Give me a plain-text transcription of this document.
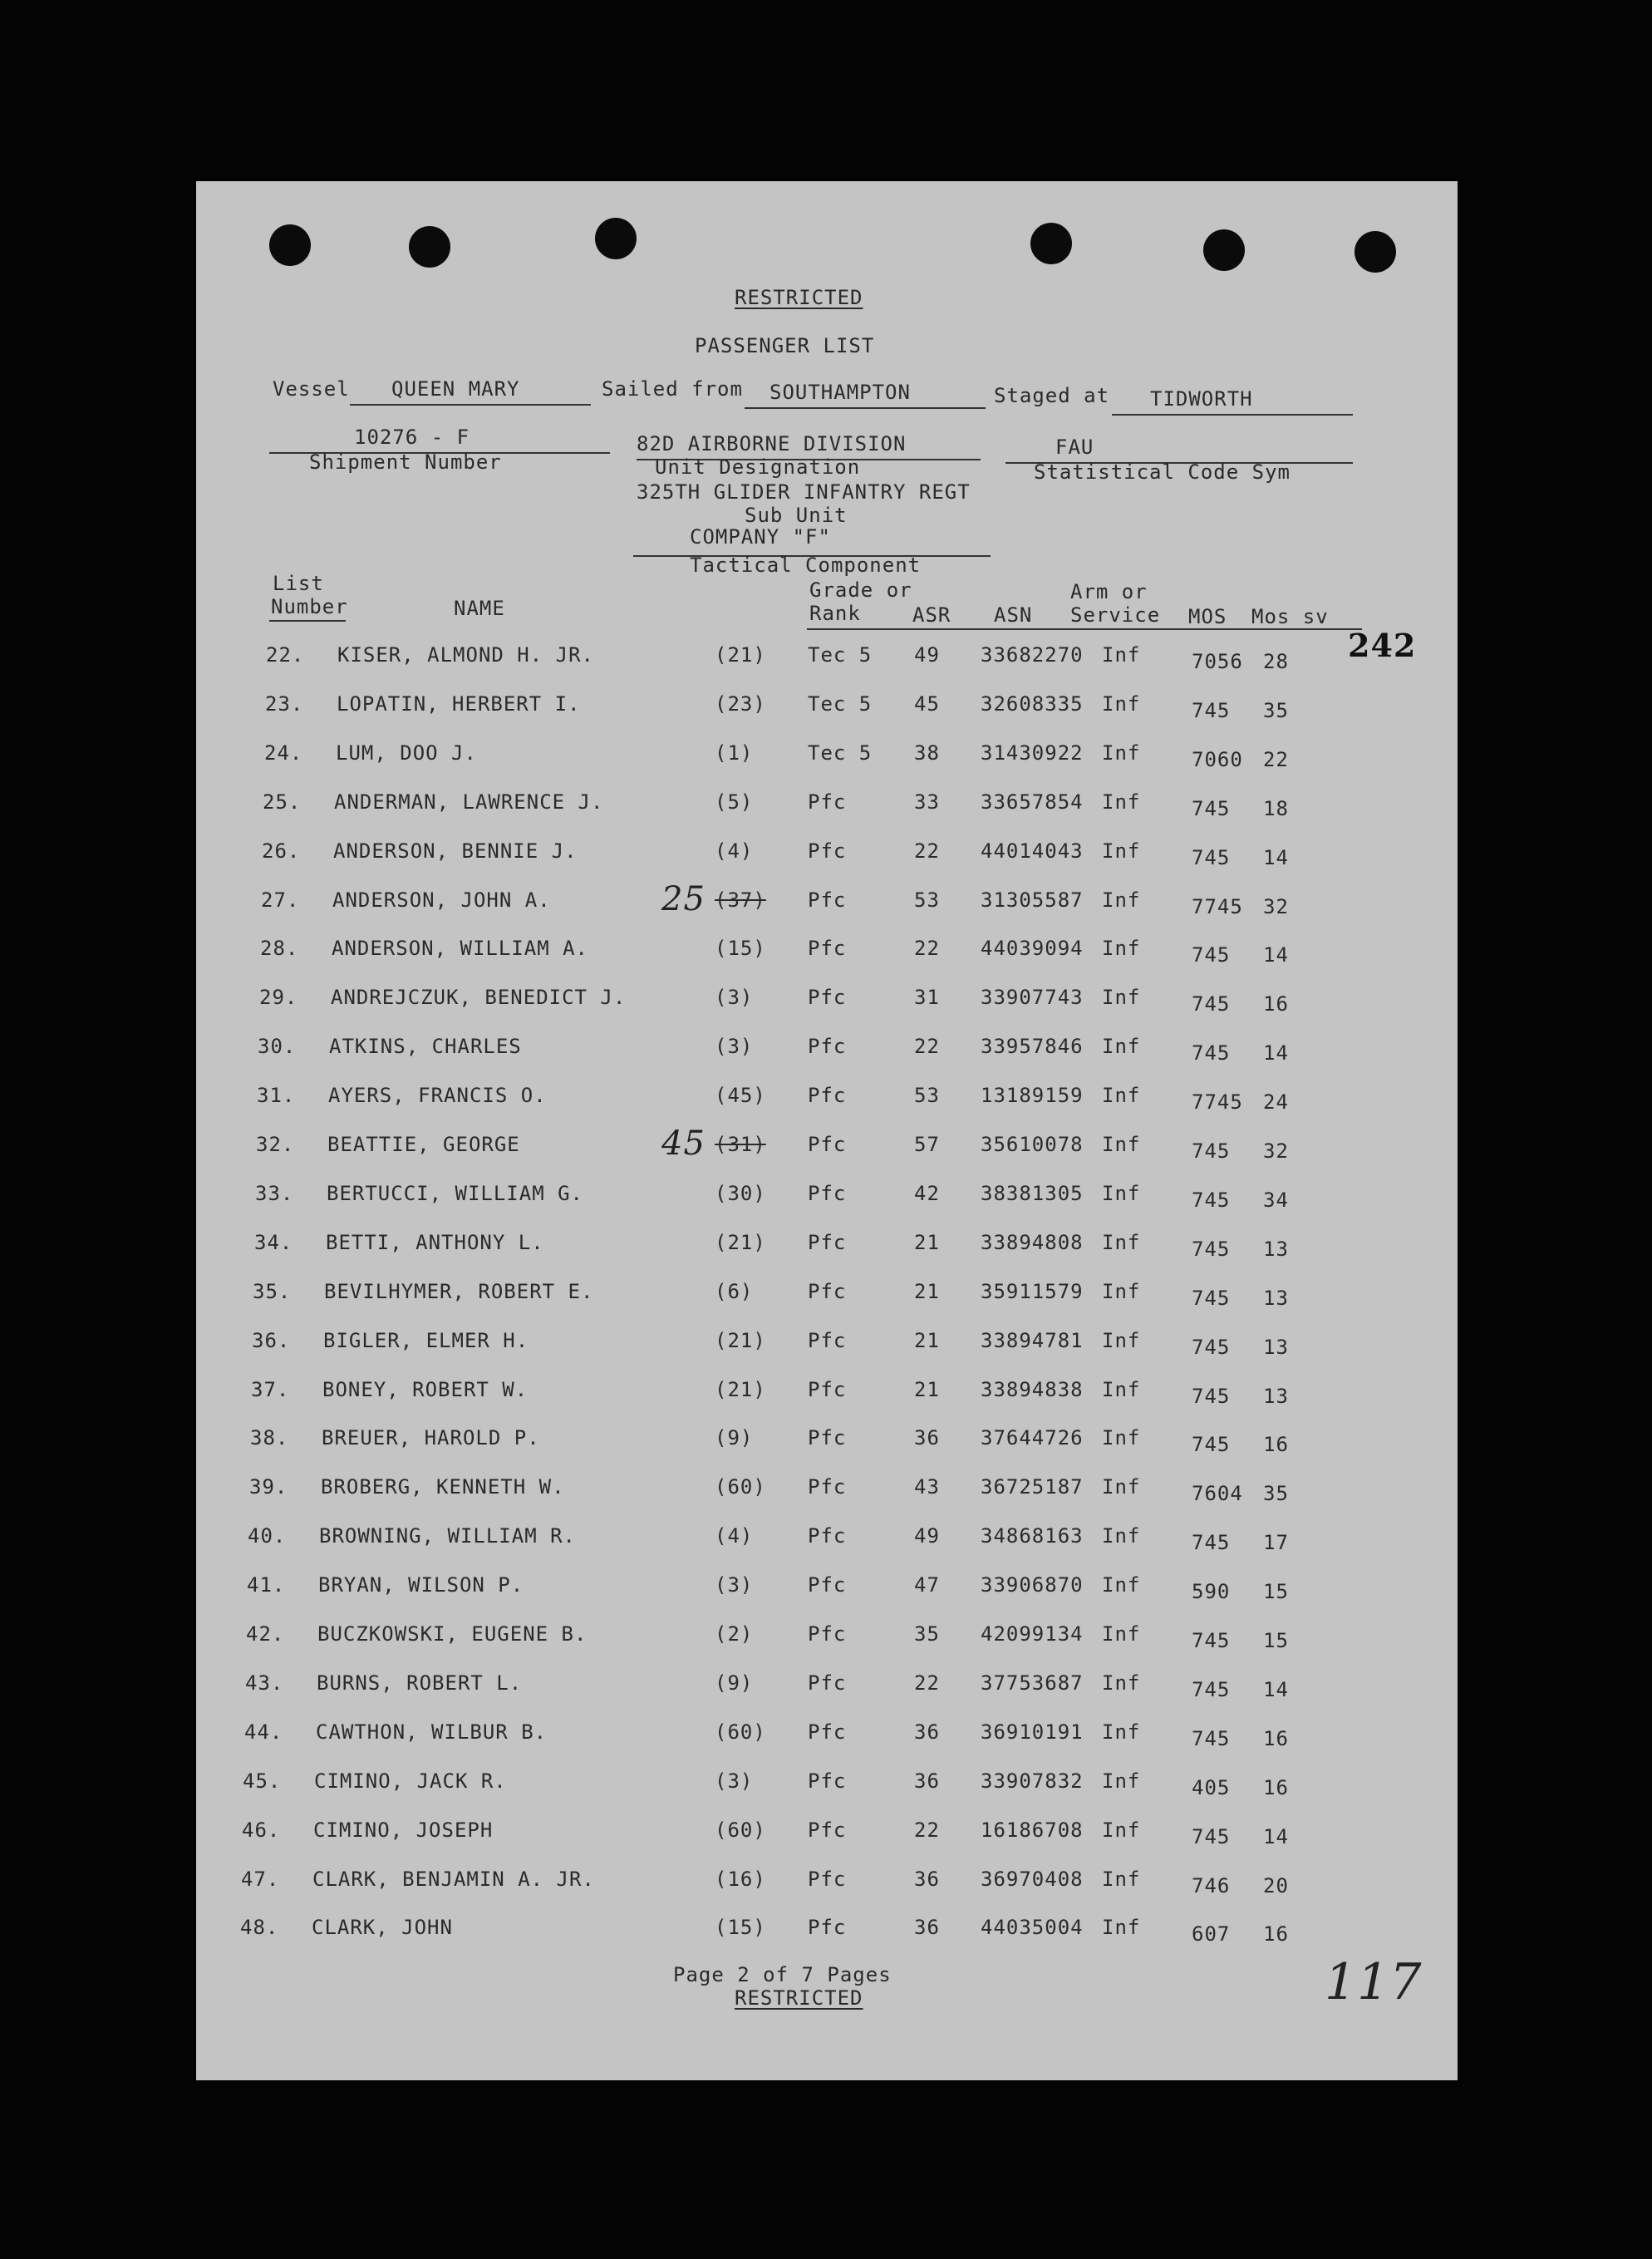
RESTRICTED
PASSENGER LIST
Vessel QUEEN MARY	Sailed from SOUTHAMPTON	Staged at TIDWORTH
10276 - F
Shipment Number
82D AIRBORNE DIVISION
Unit Designation
325TH GLIDER INFANTRY REGT
Sub Unit
COMPANY "F"
Tactical Component
FAU
Statistical Code Sym
List
Number	NAME
Grade or
Rank	ASR ASN
Arm or
Service MOS Mos sv
242
22. KISER, ALMOND H. JR.	(21) Tec 5 49 33682270 Inf	7056 28
23. LOPATIN, HERBERT I.	(23) Tec 5 45 32608335 Inf	745 35
24. LUM, DOO J.	(1)	Tec 5 38 31430922 Inf	7060 22
25. ANDERMAN, LAWRENCE J.	(5)	Pfc	33 33657854 Inf	745 18
26. ANDERSON, BENNIE J.	(4)	Pfc	22 44014043 Inf	745 14
27. ANDERSON, JOHN A.	(37) Pfc	53 31305587 Inf	7745 32
25
28. ANDERSON, WILLIAM A.	(15) Pfc	22 44039094 Inf	745 14
29. ANDREJCZUK, BENEDICT J.	(3)	Pfc	31 33907743 Inf	745 16
30. ATKINS, CHARLES	(3)	Pfc	22 33957846 Inf	745 14
31. AYERS, FRANCIS O.	(45) Pfc	53 13189159 Inf	7745 24
32. BEATTIE, GEORGE	(31) Pfc	57 35610078 Inf	745 32
45
33. BERTUCCI, WILLIAM G.	(30) Pfc	42 38381305 Inf	745 34
34. BETTI, ANTHONY L.	(21) Pfc	21 33894808 Inf	745 13
35. BEVILHYMER, ROBERT E.	(6)	Pfc	21 35911579 Inf	745 13
36. BIGLER, ELMER H.	(21) Pfc	21 33894781 Inf	745 13
37. BONEY, ROBERT W.	(21) Pfc	21 33894838 Inf	745 13
38. BREUER, HAROLD P.	(9)	Pfc	36 37644726 Inf	745 16
39. BROBERG, KENNETH W.	(60) Pfc	43 36725187 Inf	7604 35
40. BROWNING, WILLIAM R.	(4)	Pfc	49 34868163 Inf	745 17
41. BRYAN, WILSON P.	(3)	Pfc	47 33906870 Inf	590 15
42. BUCZKOWSKI, EUGENE B.	(2)	Pfc	35 42099134 Inf	745 15
43. BURNS, ROBERT L.	(9)	Pfc	22 37753687 Inf	745 14
44. CAWTHON, WILBUR B.	(60) Pfc	36 36910191 Inf	745 16
45. CIMINO, JACK R.	(3)	Pfc	36 33907832 Inf	405 16
46. CIMINO, JOSEPH	(60) Pfc	22 16186708 Inf	745 14
47. CLARK, BENJAMIN A. JR.	(16) Pfc	36 36970408 Inf	746 20
48. CLARK, JOHN	(15) Pfc	36 44035004 Inf	607 16
Page 2 of 7 Pages
RESTRICTED	117
